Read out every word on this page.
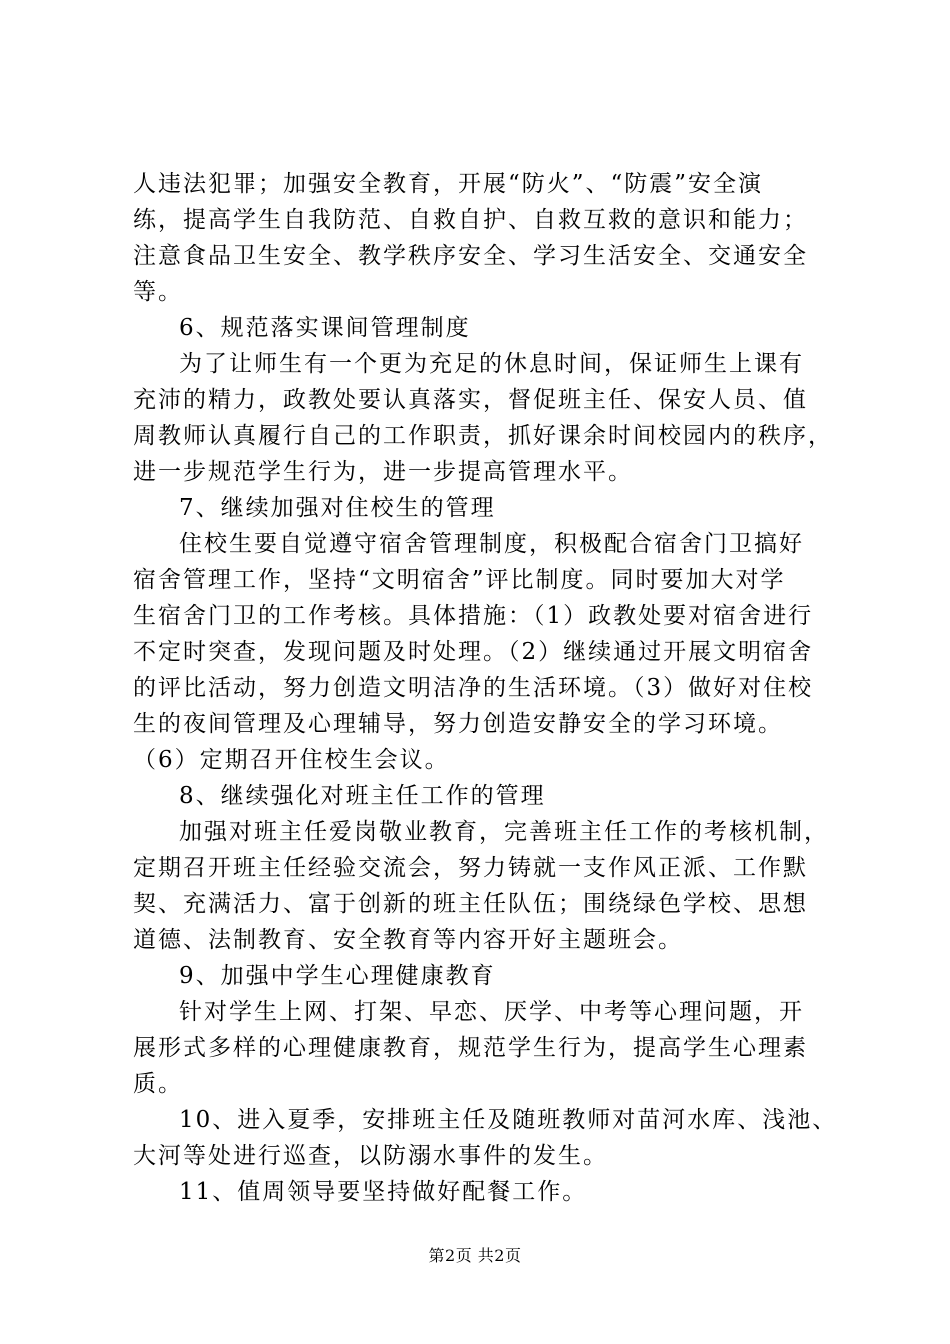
人违法犯罪；加强安全教育，开展“防火”、“防震”安全演
练，提高学生自我防范、自救自护、自救互救的意识和能力；
注意食品卫生安全、教学秩序安全、学习生活安全、交通安全
等。
6、规范落实课间管理制度
为了让师生有一个更为充足的休息时间，保证师生上课有
充沛的精力，政教处要认真落实，督促班主任、保安人员、值
周教师认真履行自己的工作职责，抓好课余时间校园内的秩序，
进一步规范学生行为，进一步提高管理水平。
7、继续加强对住校生的管理
住校生要自觉遵守宿舍管理制度，积极配合宿舍门卫搞好
宿舍管理工作，坚持“文明宿舍”评比制度。同时要加大对学
生宿舍门卫的工作考核。具体措施：（1）政教处要对宿舍进行
不定时突查，发现问题及时处理。（2）继续通过开展文明宿舍
的评比活动，努力创造文明洁净的生活环境。（3）做好对住校
生的夜间管理及心理辅导，努力创造安静安全的学习环境。
（6）定期召开住校生会议。
8、继续强化对班主任工作的管理
加强对班主任爱岗敬业教育，完善班主任工作的考核机制，
定期召开班主任经验交流会，努力铸就一支作风正派、工作默
契、充满活力、富于创新的班主任队伍；围绕绿色学校、思想
道德、法制教育、安全教育等内容开好主题班会。
9、加强中学生心理健康教育
针对学生上网、打架、早恋、厌学、中考等心理问题，开
展形式多样的心理健康教育，规范学生行为，提高学生心理素
质。
10、进入夏季，安排班主任及随班教师对苗河水库、浅池、
大河等处进行巡查，以防溺水事件的发生。
11、值周领导要坚持做好配餐工作。
第2页 共2页
